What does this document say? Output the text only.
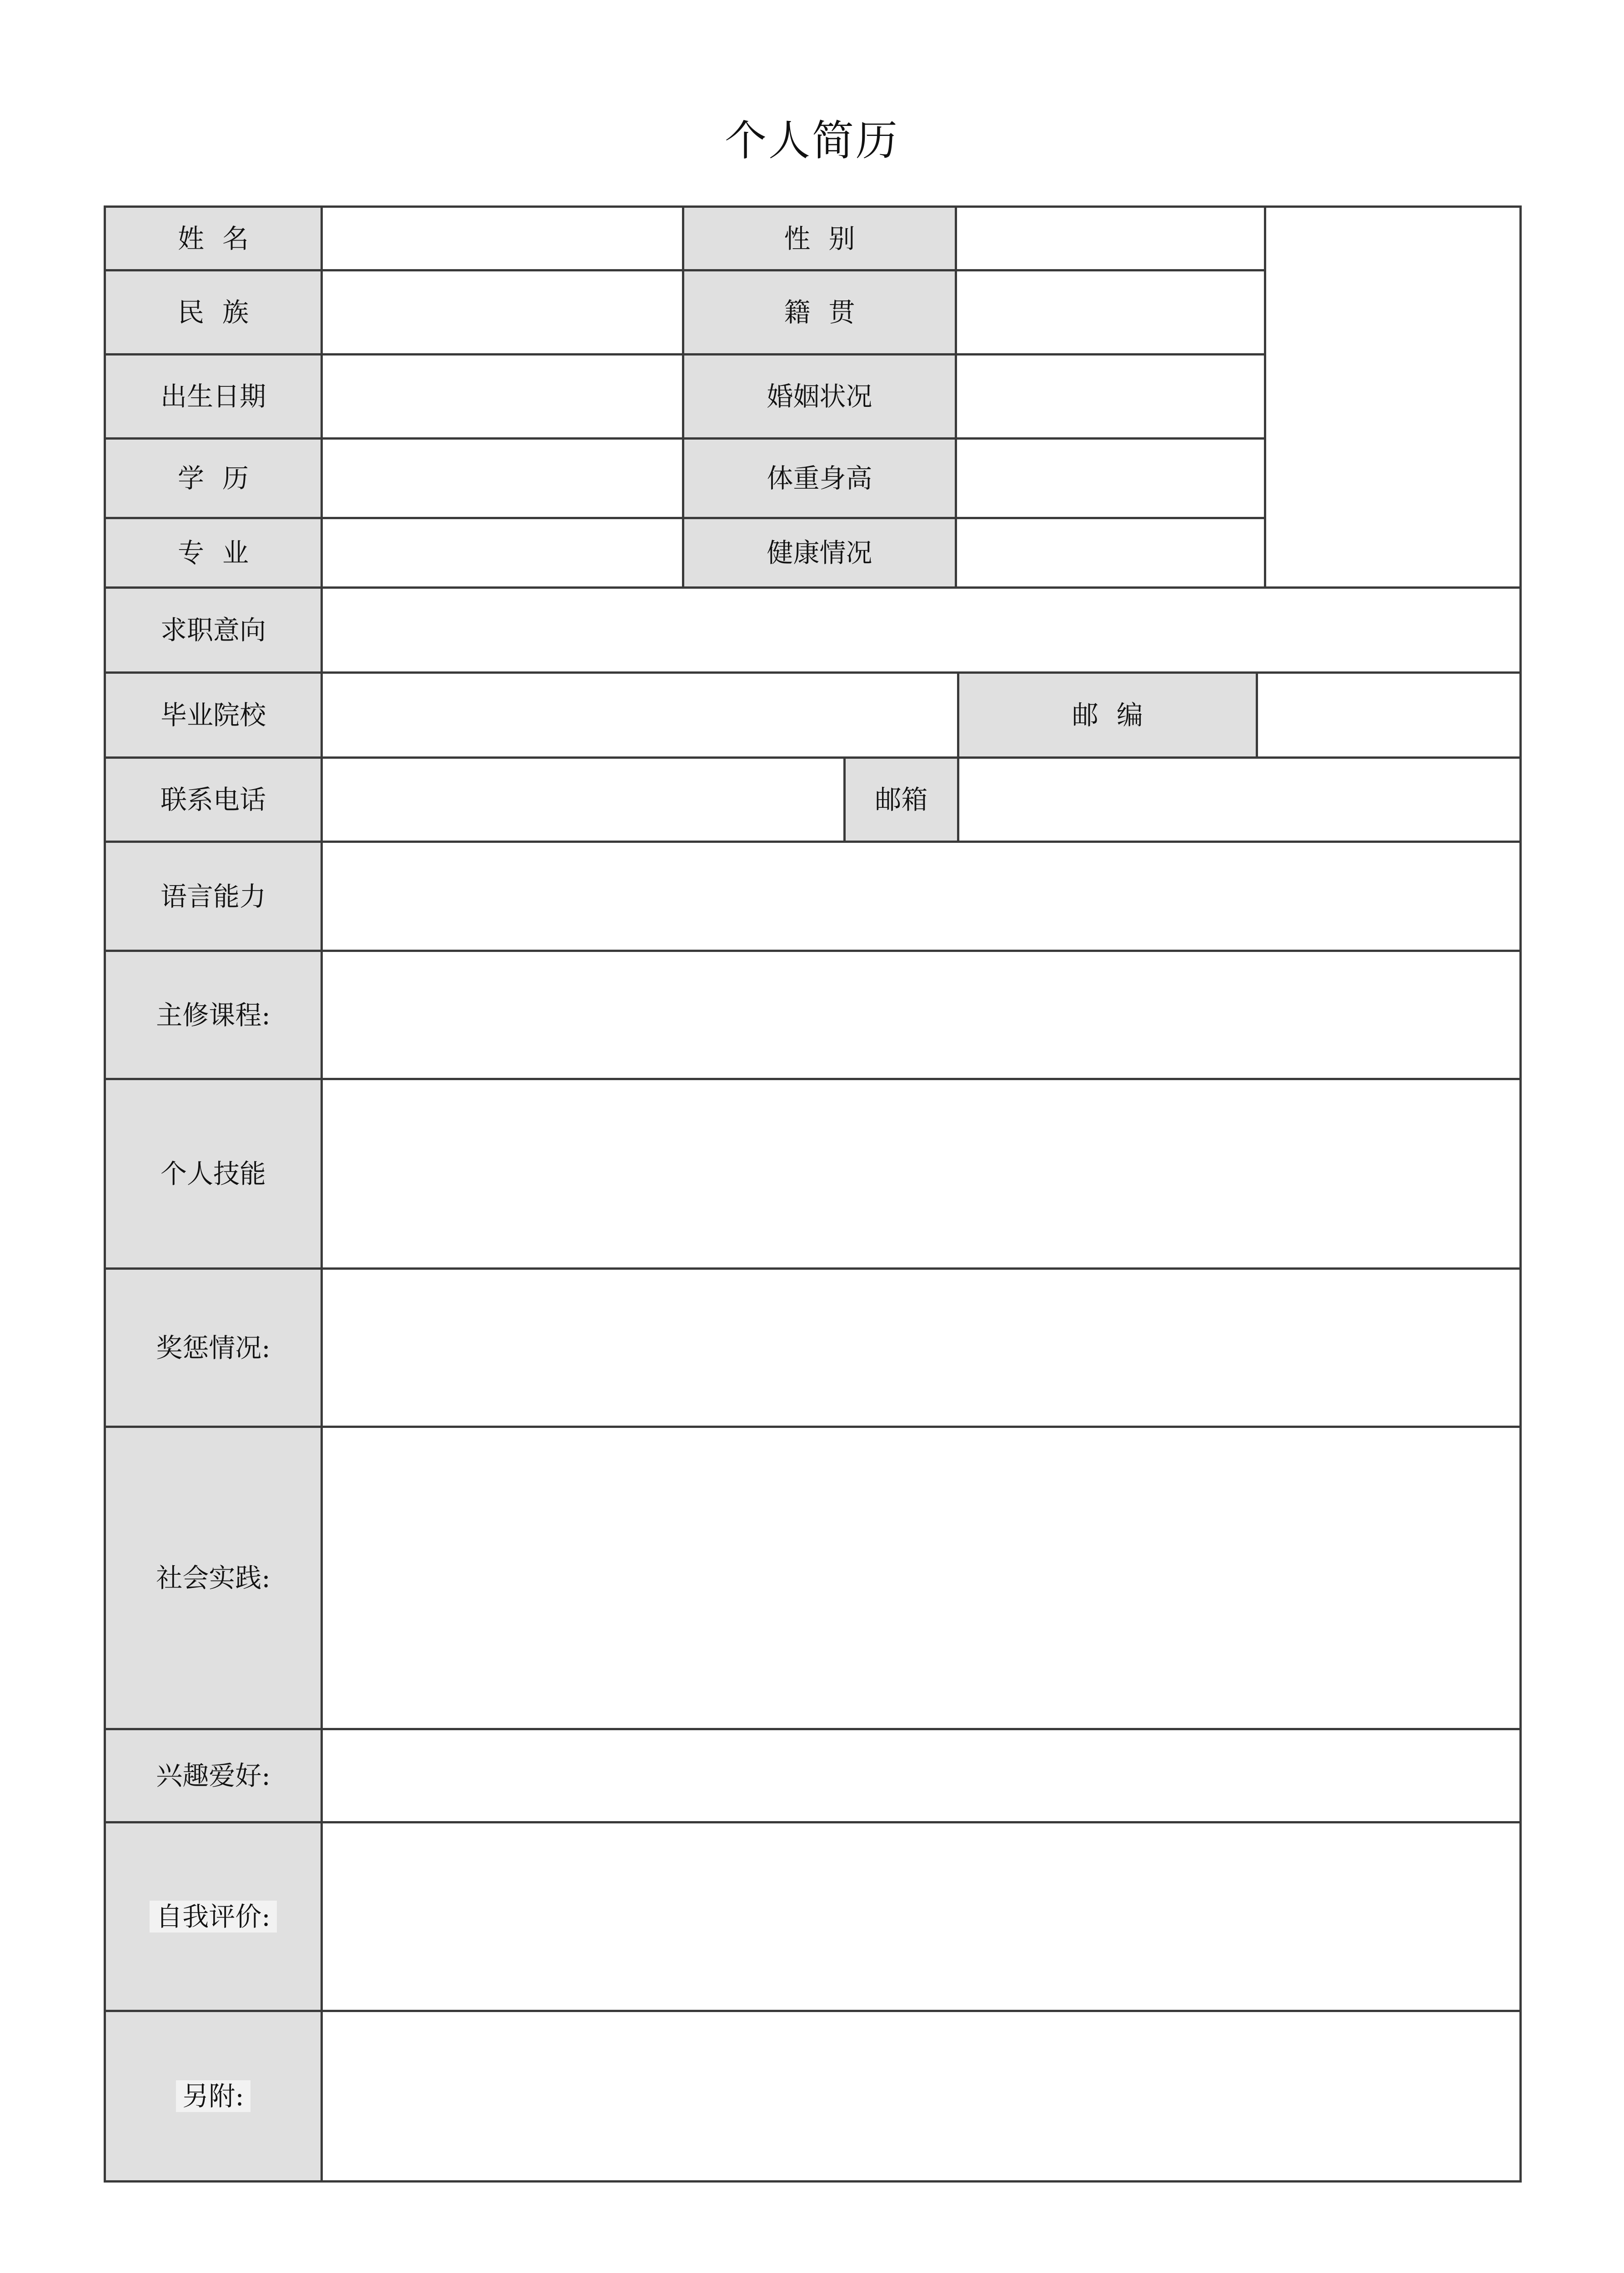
个人简历
姓名	性别
民族	籍贯
出生日期	婚姻状况
学历	体重身高
专业	健康情况
求职意向
毕业院校	邮编
联系电话	邮箱
语言能力
主修课程:
个人技能
奖惩情况:
社会实践:
兴趣爱好:
自我评价:
另附:
